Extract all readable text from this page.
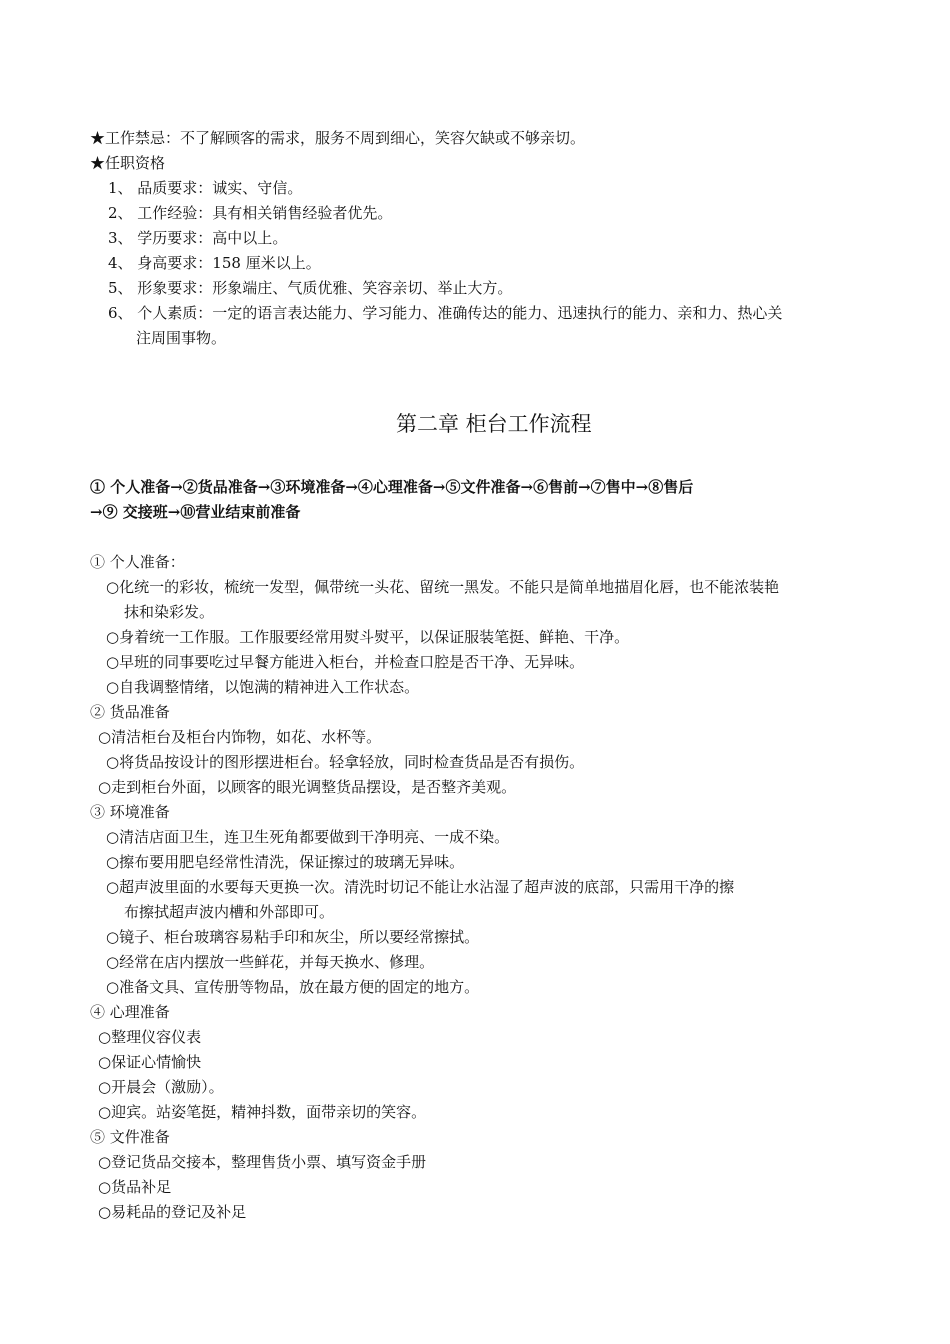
★工作禁忌：不了解顾客的需求，服务不周到细心，笑容欠缺或不够亲切。
★任职资格
1、 品质要求：诚实、守信。
2、 工作经验：具有相关销售经验者优先。
3、 学历要求：高中以上。
4、 身高要求：158 厘米以上。
5、 形象要求：形象端庄、气质优雅、笑容亲切、举止大方。
6、 个人素质：一定的语言表达能力、学习能力、准确传达的能力、迅速执行的能力、亲和力、热心关
注周围事物。
第二章 柜台工作流程
① 个人准备→②货品准备→③环境准备→④心理准备→⑤文件准备→⑥售前→⑦售中→⑧售后
→⑨ 交接班→⑩营业结束前准备
① 个人准备：
○化统一的彩妆，梳统一发型，佩带统一头花、留统一黑发。不能只是简单地描眉化唇，也不能浓装艳
抹和染彩发。
○身着统一工作服。工作服要经常用熨斗熨平，以保证服装笔挺、鲜艳、干净。
○早班的同事要吃过早餐方能进入柜台，并检查口腔是否干净、无异味。
○自我调整情绪，以饱满的精神进入工作状态。
② 货品准备
○清洁柜台及柜台内饰物，如花、水杯等。
○将货品按设计的图形摆进柜台。轻拿轻放，同时检查货品是否有损伤。
○走到柜台外面，以顾客的眼光调整货品摆设，是否整齐美观。
③ 环境准备
○清洁店面卫生，连卫生死角都要做到干净明亮、一成不染。
○擦布要用肥皂经常性清洗，保证擦过的玻璃无异味。
○超声波里面的水要每天更换一次。清洗时切记不能让水沾湿了超声波的底部，只需用干净的擦
布擦拭超声波内槽和外部即可。
○镜子、柜台玻璃容易粘手印和灰尘，所以要经常擦拭。
○经常在店内摆放一些鲜花，并每天换水、修理。
○准备文具、宣传册等物品，放在最方便的固定的地方。
④ 心理准备
○整理仪容仪表
○保证心情愉快
○开晨会（激励）。
○迎宾。站姿笔挺，精神抖数，面带亲切的笑容。
⑤ 文件准备
○登记货品交接本，整理售货小票、填写资金手册
○货品补足
○易耗品的登记及补足
